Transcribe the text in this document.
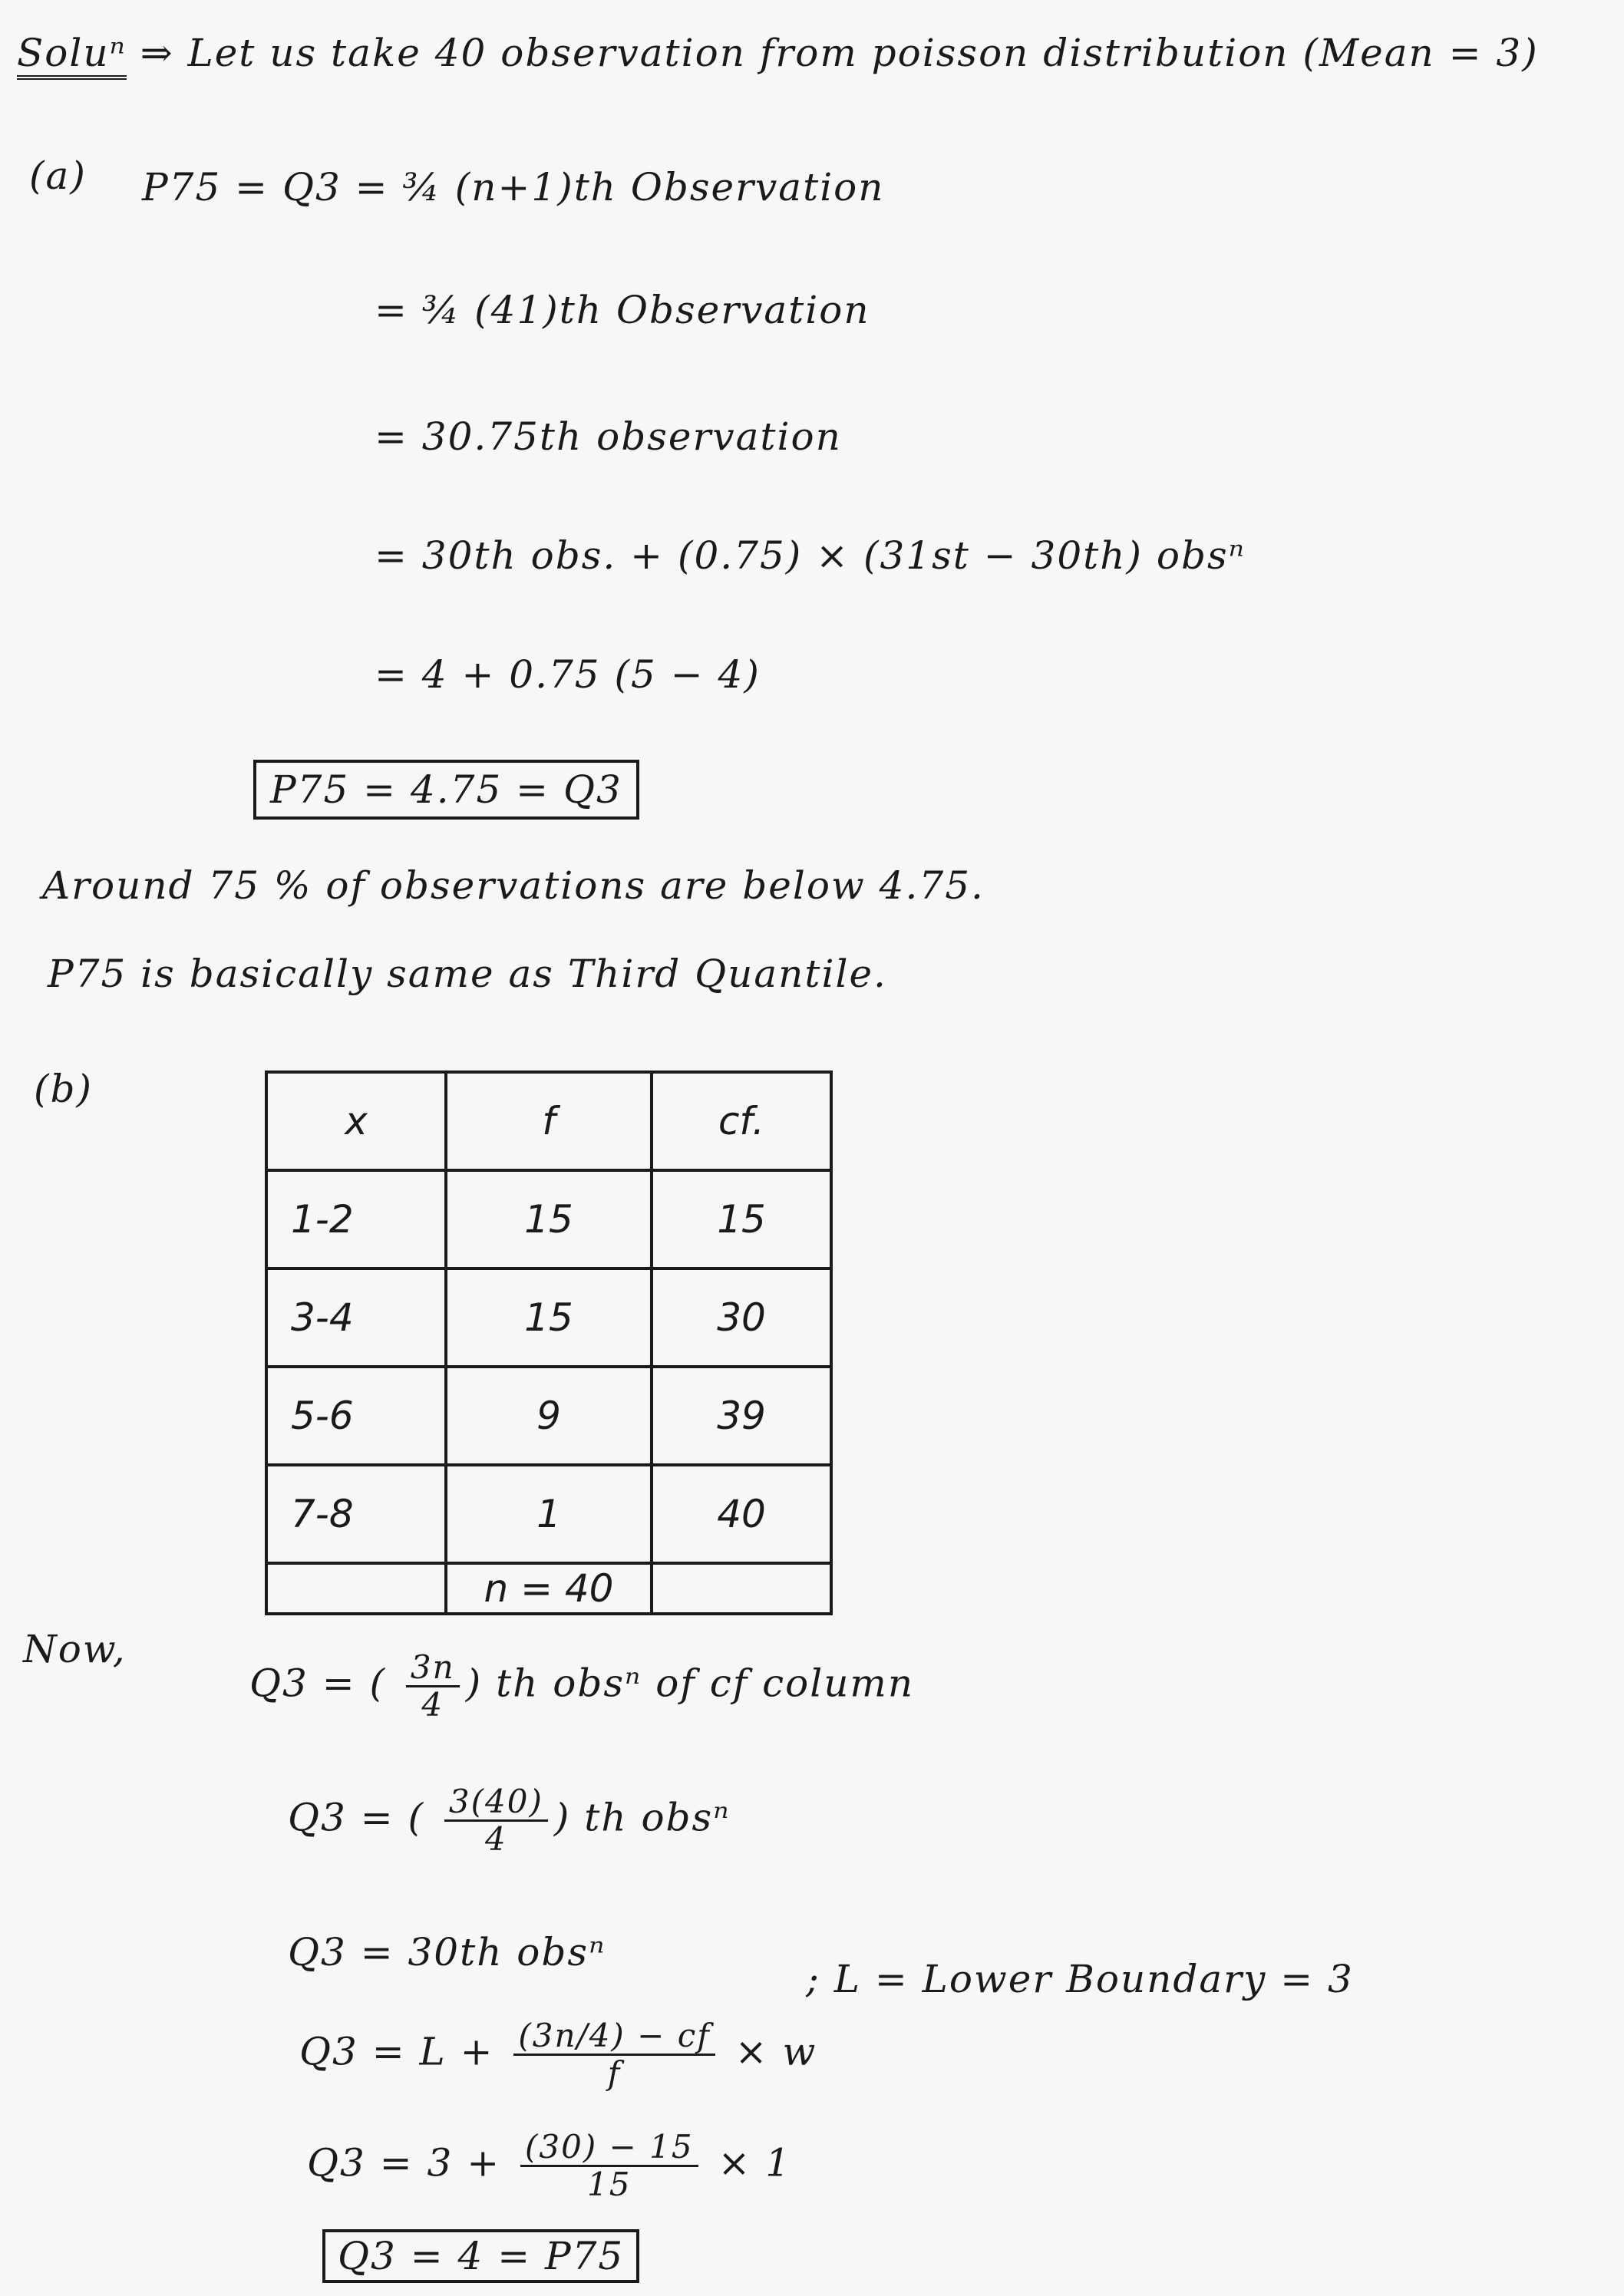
Soluⁿ ⇒ Let us take 40 observation from poisson distribution (Mean = 3)
(a) P75 = Q3 = ¾ (n+1)th Observation
= ¾ (41)th Observation
= 30.75th observation
= 30th obs. + (0.75) × (31st − 30th) obsⁿ
= 4 + 0.75 (5 − 4)
P75 = 4.75 = Q3
Around 75 % of observations are below 4.75.
P75 is basically same as Third Quantile.
(b)
x	f	cf.
1-2	15	15
3-4	15	30
5-6	9	39
7-8	1	40
	n = 40	
Now,
Q3 = ( $\frac{3n}{4}$ ) th obsⁿ of cf column
Q3 = ( $\frac{3(40)}{4}$ ) th obsⁿ
Q3 = 30th obsⁿ
; L = Lower Boundary = 3
$Q3 = L + \frac{(3n/4) - cf}{f} \times w$
$Q3 = 3 + \frac{(30) - 15}{15} \times 1$
Q3 = 4 = P75
